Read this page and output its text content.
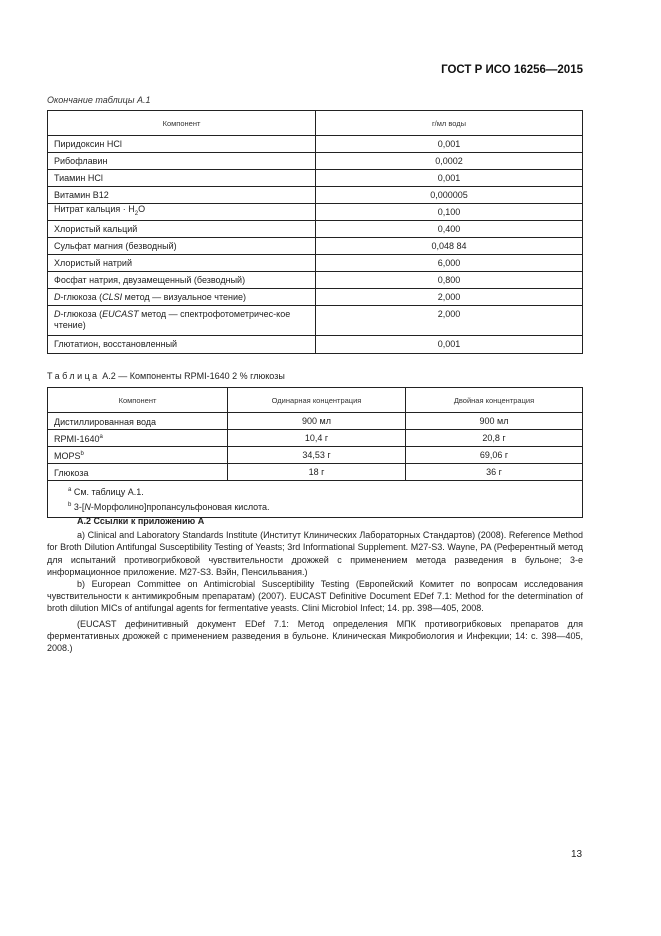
ГОСТ Р ИСО 16256—2015
Окончание таблицы А.1
Компонент	г/мл воды
Пиридоксин HCl	0,001
Рибофлавин	0,0002
Тиамин HCl	0,001
Витамин B12	0,000005
Нитрат кальция · $H_2O$	0,100
Хлористый кальций	0,400
Сульфат магния (безводный)	0,048 84
Хлористый натрий	6,000
Фосфат натрия, двузамещенный (безводный)	0,800
D-глюкоза (CLSI метод — визуальное чтение)	2,000
D-глюкоза (EUCAST метод — спектрофотометричес-кое чтение)	2,000
Глютатион, восстановленный	0,001
Таблица А.2 — Компоненты RPMI-1640 2 % глюкозы
Компонент	Одинарная концентрация	Двойная концентрация
Дистиллированная вода	900 мл	900 мл
RPMI-1640$^a$	10,4 г	20,8 г
MOPS$^b$	34,53 г	69,06 г
Глюкоза	18 г	36 г

$^a$ См. таблицу А.1.
$^b$ 3-[N-Морфолино]пропансульфоновая кислота.		
А.2 Ссылки к приложению А

a) Clinical and Laboratory Standards Institute (Институт Клинических Лабораторных Стандартов) (2008). Reference Method for Broth Dilution Antifungal Susceptibility Testing of Yeasts; 3rd Informational Supplement. M27-S3. Wayne, PA (Референтный метод для испытаний противогрибковой чувствительности дрожжей с применением метода разведения в бульоне; 3-е информационное приложение. M27-S3. Вэйн, Пенсильвания.)

b) European Committee on Antimicrobial Susceptibility Testing (Европейский Комитет по вопросам исследования чувствительности к антимикробным препаратам) (2007). EUCAST Definitive Document EDef 7.1: Method for the determination of broth dilution MICs of antifungal agents for fermentative yeasts. Clini Microbiol Infect; 14. pp. 398—405, 2008.

(EUCAST дефинитивный документ EDef 7.1: Метод определения МПК противогрибковых препаратов для ферментативных дрожжей с применением разведения в бульоне. Клиническая Микробиология и Инфекции; 14: с. 398—405, 2008.)

13
